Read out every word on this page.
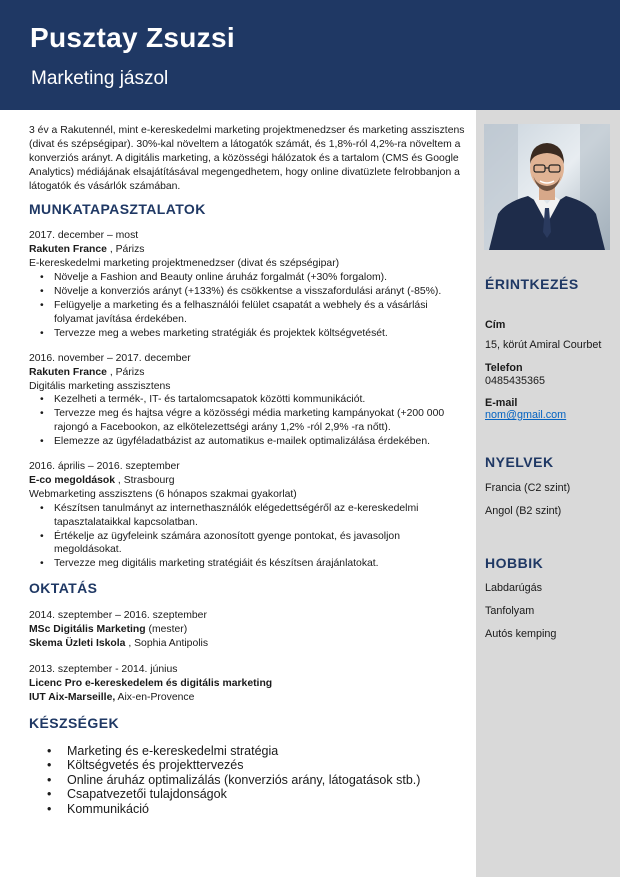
Pusztay Zsuzsi
Marketing jászol

3 év a Rakutennél, mint e-kereskedelmi marketing projektmenedzser és marketing asszisztens (divat és szépségipar). 30%-kal növeltem a látogatók számát, és 1,8%-ról 4,2%-ra növeltem a konverziós arányt. A digitális marketing, a közösségi hálózatok és a tartalom (CMS és Google Analytics) médiájának elsajátításával megengedhetem, hogy online divatüzlete felrobbanjon a látogatók és vásárlók számában.

MUNKATAPASZTALATOK
2017. december – most
Rakuten France , Párizs
E-kereskedelmi marketing projektmenedzser (divat és szépségipar)
• Növelje a Fashion and Beauty online áruház forgalmát (+30% forgalom).
• Növelje a konverziós arányt (+133%) és csökkentse a visszafordulási arányt (-85%).
• Felügyelje a marketing és a felhasználói felület csapatát a webhely és a vásárlási folyamat javítása érdekében.
• Tervezze meg a webes marketing stratégiák és projektek költségvetését.
2016. november – 2017. december
Rakuten France , Párizs
Digitális marketing asszisztens
• Kezelheti a termék-, IT- és tartalomcsapatok közötti kommunikációt.
• Tervezze meg és hajtsa végre a közösségi média marketing kampányokat (+200 000 rajongó a Facebookon, az elkötelezettségi arány 1,2% -ról 2,9% -ra nőtt).
• Elemezze az ügyféladatbázist az automatikus e-mailek optimalizálása érdekében.
2016. április – 2016. szeptember
E-co megoldások , Strasbourg
Webmarketing asszisztens (6 hónapos szakmai gyakorlat)
• Készítsen tanulmányt az internethasználók elégedettségéről az e-kereskedelmi tapasztalataikkal kapcsolatban.
• Értékelje az ügyfeleink számára azonosított gyenge pontokat, és javasoljon megoldásokat.
• Tervezze meg digitális marketing stratégiáit és készítsen árajánlatokat.
OKTATÁS
2014. szeptember – 2016. szeptember
MSc Digitális Marketing (mester)
Skema Üzleti Iskola , Sophia Antipolis
2013. szeptember - 2014. június
Licenc Pro e-kereskedelem és digitális marketing
IUT Aix-Marseille, Aix-en-Provence
KÉSZSÉGEK
• Marketing és e-kereskedelmi stratégia
• Költségvetés és projekttervezés
• Online áruház optimalizálás (konverziós arány, látogatások stb.)
• Csapatvezetői tulajdonságok
• Kommunikáció
ÉRINTKEZÉS
Cím
15, körút Amiral Courbet
Telefon
0485435365
E-mail
nom@gmail.com
NYELVEK
Francia (C2 szint)
Angol (B2 szint)
HOBBIK
Labdarúgás
Tanfolyam
Autós kemping
